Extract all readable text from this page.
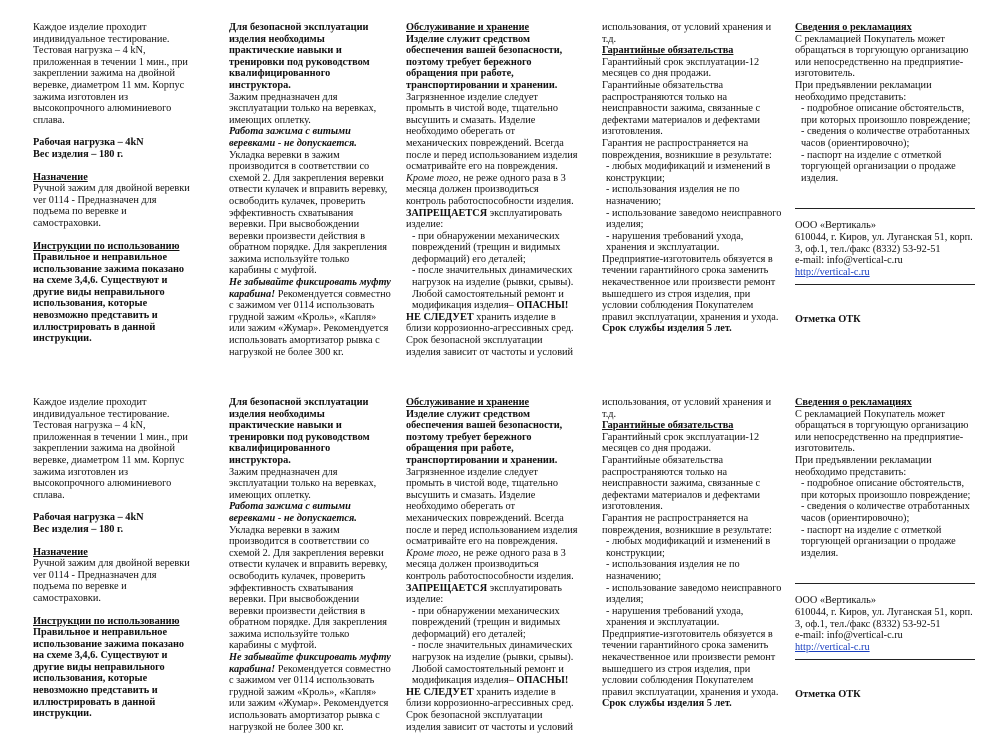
Каждое изделие проходит индивидуальное тестирование. Тестовая нагрузка – 4 kN, приложенная в течении 1 мин., при закреплении зажима на двойной веревке, диаметром 11 мм. Корпус зажима изготовлен из высокопрочного алюминиевого сплава.
Рабочая нагрузка – 4kN
Вес изделия – 180 г.
Назначение
Ручной зажим для двойной веревки ver 0114 - Предназначен для подъема по веревке и самостраховки.
Инструкции по использованию
Правильное и неправильное использование зажима показано на схеме 3,4,6. Существуют и другие виды неправильного использования, которые невозможно представить и иллюстрировать в данной инструкции.
Для безопасной эксплуатации изделия необходимы практические навыки и тренировки под руководством квалифицированного инструктора.
Зажим предназначен для эксплуатации только на веревках, имеющих оплетку.
Работа зажима с витыми веревками - не допускается.
Укладка веревки в зажим производится в соответствии со схемой 2. Для закрепления веревки отвести кулачек и вправить веревку, освободить кулачек, проверить эффективность схватывания веревки. При высвобождении веревки произвести действия в обратном порядке. Для закрепления зажима используйте только карабины с муфтой.
Не забывайте фиксировать муфту карабина! Рекомендуется совместно с зажимом ver 0114 использовать грудной зажим «Кроль», «Капля» или зажим «Жумар». Рекомендуется использовать амортизатор рывка с нагрузкой не более 300 кг.
Обслуживание и хранение
Изделие служит средством обеспечения вашей безопасности, поэтому требует бережного обращения при работе, транспортировании и хранении.
Загрязненное изделие следует промыть в чистой воде, тщательно высушить и смазать. Изделие необходимо оберегать от механических повреждений. Всегда после и перед использованием изделия осматривайте его на повреждения.
Кроме того, не реже одного раза в 3 месяца должен производиться контроль работоспособности изделия.
ЗАПРЕЩАЕТСЯ эксплуатировать изделие:
- при обнаружении механических повреждений (трещин и видимых деформаций) его деталей;
- после значительных динамических нагрузок на изделие (рывки, срывы).
Любой самостоятельный ремонт и модификация изделия– ОПАСНЫ!
НЕ СЛЕДУЕТ хранить изделие в близи коррозионно-агрессивных сред. Срок безопасной эксплуатации изделия зависит от частоты и условий
использования, от условий хранения и т.д.
Гарантийные обязательства
Гарантийный срок эксплуатации-12 месяцев со дня продажи.
Гарантийные обязательства распространяются только на неисправности зажима, связанные с дефектами материалов и дефектами изготовления.
Гарантия не распространяется на повреждения, возникшие в результате:
- любых модификаций и изменений в конструкции;
- использования изделия не по назначению;
- использование заведомо неисправного изделия;
- нарушения требований ухода, хранения и эксплуатации.
Предприятие-изготовитель обязуется в течении гарантийного срока заменить некачественное или произвести ремонт вышедшего из строя изделия, при условии соблюдения Покупателем правил эксплуатации, хранения и ухода.
Срок службы изделия 5 лет.
Сведения о рекламациях
С рекламацией Покупатель может обращаться в торгующую организацию или непосредственно на предприятие-изготовитель.
При предъявлении рекламации необходимо представить:
- подробное описание обстоятельств, при которых произошло повреждение;
- сведения о количестве отработанных часов (ориентировочно);
- паспорт на изделие с отметкой торгующей организации о продаже изделия.
ООО «Вертикаль»
610044, г. Киров, ул. Луганская 51, корп. 3, оф.1, тел./факс (8332) 53-92-51
e-mail: info@vertical-c.ru
http://vertical-c.ru
Отметка ОТК
Каждое изделие проходит индивидуальное тестирование. Тестовая нагрузка – 4 kN, приложенная в течении 1 мин., при закреплении зажима на двойной веревке, диаметром 11 мм. Корпус зажима изготовлен из высокопрочного алюминиевого сплава.
Рабочая нагрузка – 4kN
Вес изделия – 180 г.
Назначение
Ручной зажим для двойной веревки ver 0114 - Предназначен для подъема по веревке и самостраховки.
Инструкции по использованию
Правильное и неправильное использование зажима показано на схеме 3,4,6. Существуют и другие виды неправильного использования, которые невозможно представить и иллюстрировать в данной инструкции.
Для безопасной эксплуатации изделия необходимы практические навыки и тренировки под руководством квалифицированного инструктора.
Зажим предназначен для эксплуатации только на веревках, имеющих оплетку.
Работа зажима с витыми веревками - не допускается.
Укладка веревки в зажим производится в соответствии со схемой 2. Для закрепления веревки отвести кулачек и вправить веревку, освободить кулачек, проверить эффективность схватывания веревки. При высвобождении веревки произвести действия в обратном порядке. Для закрепления зажима используйте только карабины с муфтой.
Не забывайте фиксировать муфту карабина! Рекомендуется совместно с зажимом ver 0114 использовать грудной зажим «Кроль», «Капля» или зажим «Жумар». Рекомендуется использовать амортизатор рывка с нагрузкой не более 300 кг.
Обслуживание и хранение
Изделие служит средством обеспечения вашей безопасности, поэтому требует бережного обращения при работе, транспортировании и хранении.
Загрязненное изделие следует промыть в чистой воде, тщательно высушить и смазать. Изделие необходимо оберегать от механических повреждений. Всегда после и перед использованием изделия осматривайте его на повреждения.
Кроме того, не реже одного раза в 3 месяца должен производиться контроль работоспособности изделия.
ЗАПРЕЩАЕТСЯ эксплуатировать изделие:
- при обнаружении механических повреждений (трещин и видимых деформаций) его деталей;
- после значительных динамических нагрузок на изделие (рывки, срывы).
Любой самостоятельный ремонт и модификация изделия– ОПАСНЫ!
НЕ СЛЕДУЕТ хранить изделие в близи коррозионно-агрессивных сред. Срок безопасной эксплуатации изделия зависит от частоты и условий
использования, от условий хранения и т.д.
Гарантийные обязательства
Гарантийный срок эксплуатации-12 месяцев со дня продажи.
Гарантийные обязательства распространяются только на неисправности зажима, связанные с дефектами материалов и дефектами изготовления.
Гарантия не распространяется на повреждения, возникшие в результате:
- любых модификаций и изменений в конструкции;
- использования изделия не по назначению;
- использование заведомо неисправного изделия;
- нарушения требований ухода, хранения и эксплуатации.
Предприятие-изготовитель обязуется в течении гарантийного срока заменить некачественное или произвести ремонт вышедшего из строя изделия, при условии соблюдения Покупателем правил эксплуатации, хранения и ухода.
Срок службы изделия 5 лет.
Сведения о рекламациях
С рекламацией Покупатель может обращаться в торгующую организацию или непосредственно на предприятие-изготовитель.
При предъявлении рекламации необходимо представить:
- подробное описание обстоятельств, при которых произошло повреждение;
- сведения о количестве отработанных часов (ориентировочно);
- паспорт на изделие с отметкой торгующей организации о продаже изделия.
ООО «Вертикаль»
610044, г. Киров, ул. Луганская 51, корп. 3, оф.1, тел./факс (8332) 53-92-51
e-mail: info@vertical-c.ru
http://vertical-c.ru
Отметка ОТК
